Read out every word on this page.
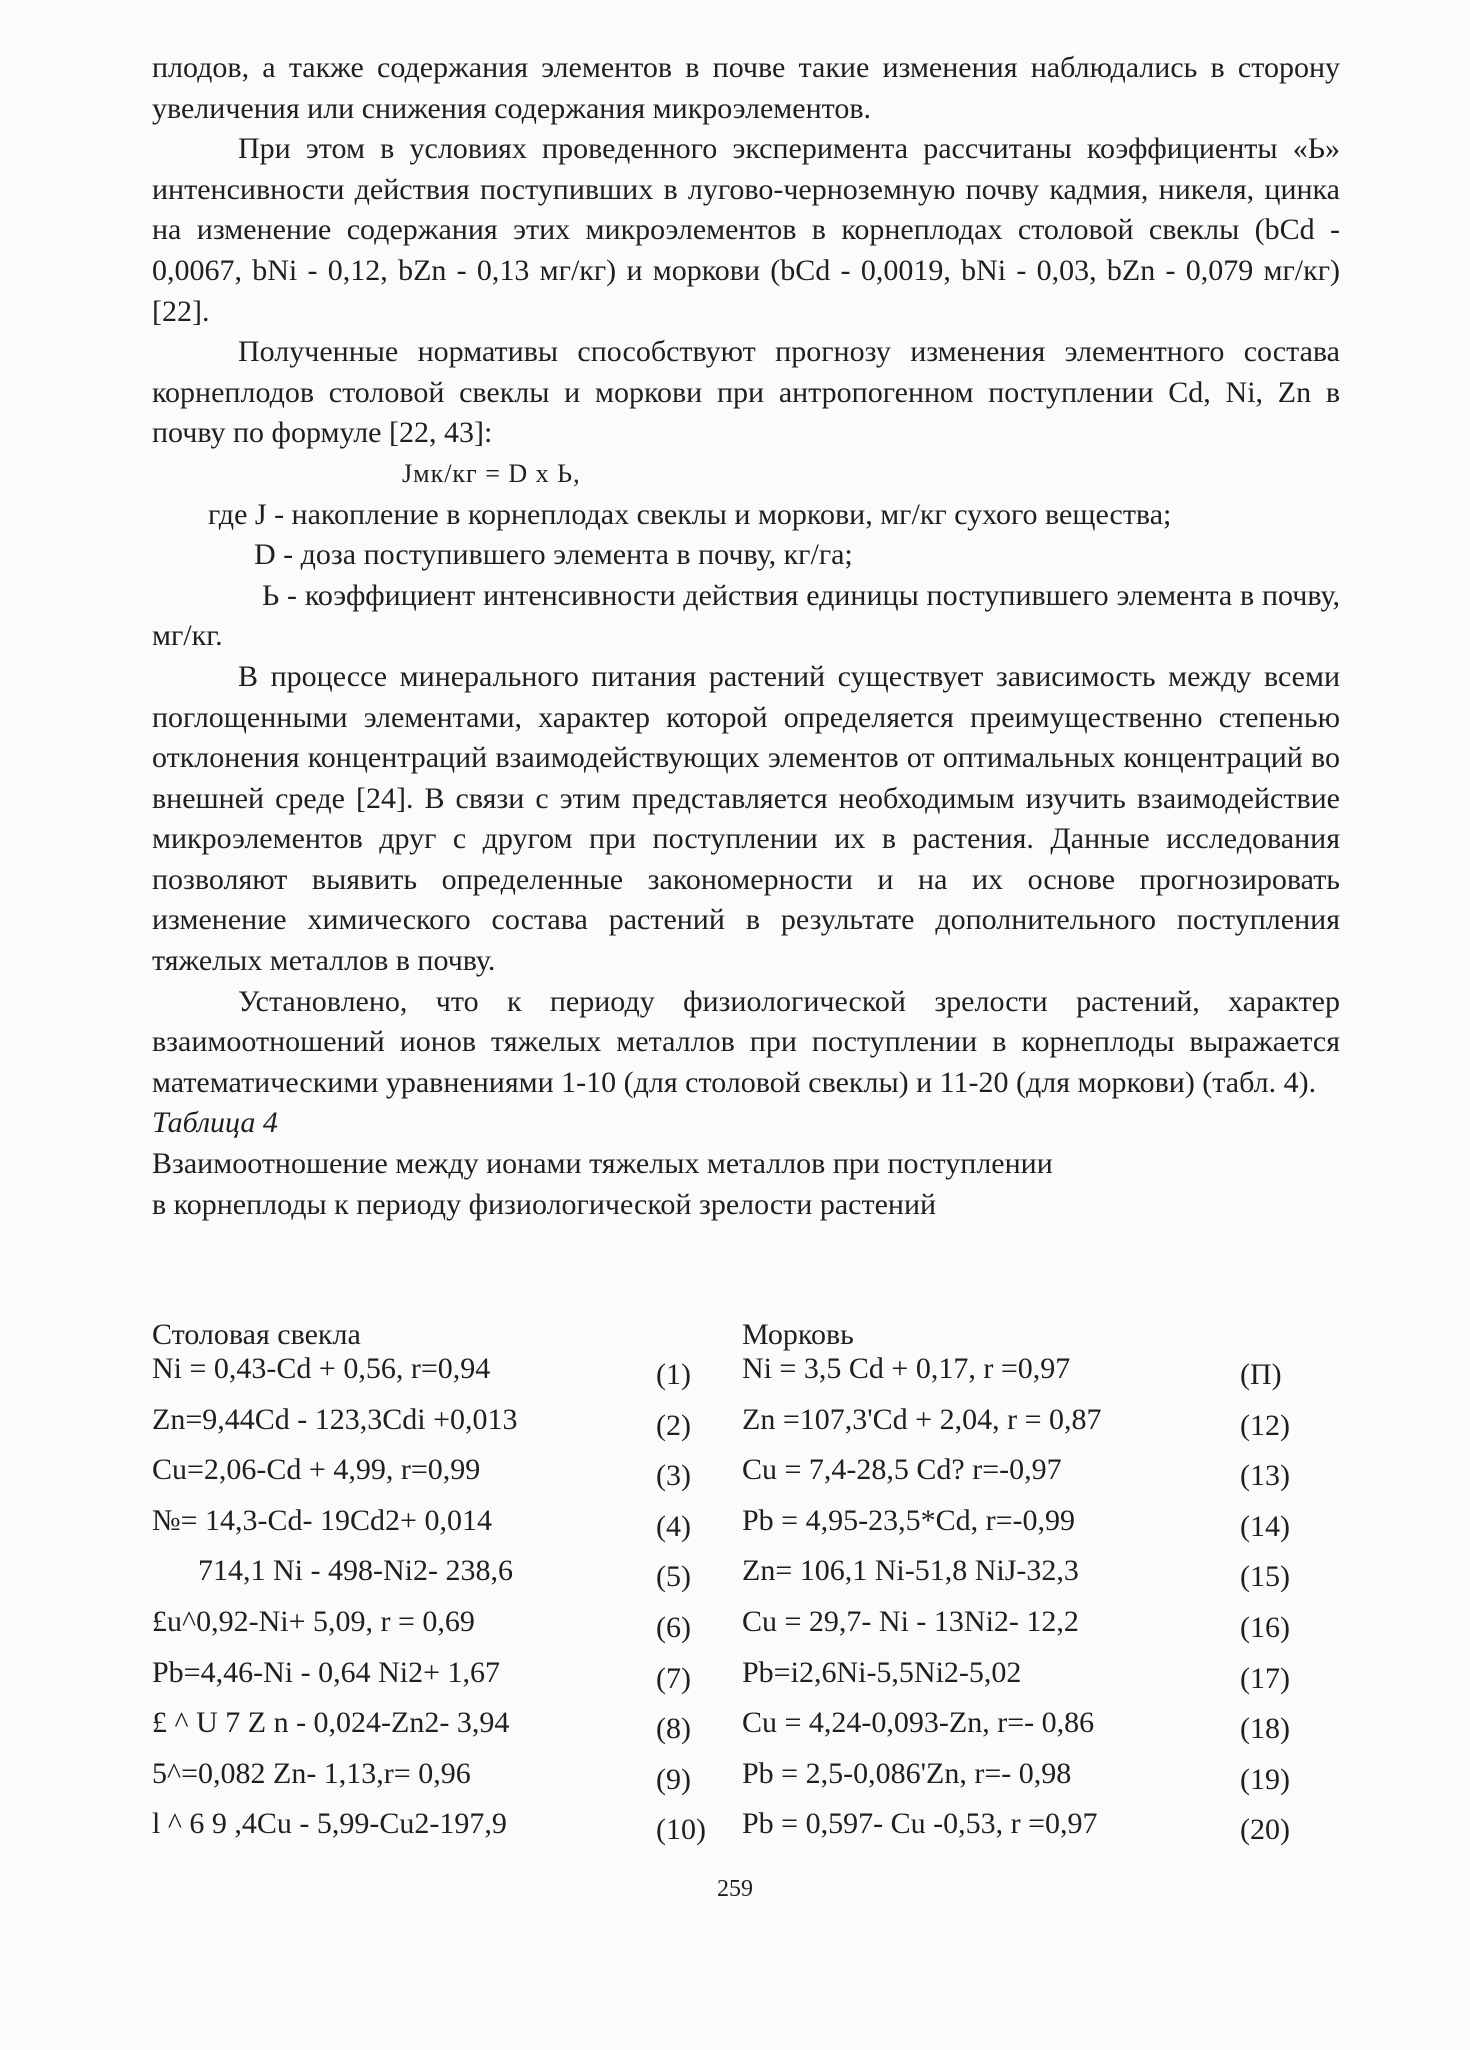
плодов, а также содержания элементов в почве такие изменения наблюдались в сторону увеличения или снижения содержания микроэлементов.

При этом в условиях проведенного эксперимента рассчитаны коэффициенты «Ь» интенсивности действия поступивших в лугово-черноземную почву кадмия, никеля, цинка на изменение содержания этих микроэлементов в корнеплодах столовой свеклы (bCd - 0,0067, bNi - 0,12, bZn - 0,13 мг/кг) и моркови (bCd - 0,0019, bNi - 0,03, bZn - 0,079 мг/кг) [22].

Полученные нормативы способствуют прогнозу изменения элементного состава корнеплодов столовой свеклы и моркови при антропогенном поступлении Cd, Ni, Zn в почву по формуле [22, 43]:

Jмк/кг = D x Ь,

где J - накопление в корнеплодах свеклы и моркови, мг/кг сухого вещества;

D - доза поступившего элемента в почву, кг/га;

Ь - коэффициент интенсивности действия единицы поступившего элемента в почву, мг/кг.

В процессе минерального питания растений существует зависимость между всеми поглощенными элементами, характер которой определяется преимущественно степенью отклонения концентраций взаимодействующих элементов от оптимальных концентраций во внешней среде [24]. В связи с этим представляется необходимым изучить взаимодействие микроэлементов друг с другом при поступлении их в растения. Данные исследования позволяют выявить определенные закономерности и на их основе прогнозировать изменение химического состава растений в результате дополнительного поступления тяжелых металлов в почву.

Установлено, что к периоду физиологической зрелости растений, характер взаимоотношений ионов тяжелых металлов при поступлении в корнеплоды выражается математическими уравнениями 1-10 (для столовой свеклы) и 11-20 (для моркови) (табл. 4).

Таблица 4

Взаимоотношение между ионами тяжелых металлов при поступлении

в корнеплоды к периоду физиологической зрелости растений

Столовая свекла	Морковь
Ni = 0,43-Cd + 0,56, r=0,94	(1) Ni = 3,5 Cd + 0,17, r =0,97	(П)
Zn=9,44Cd - 123,3Cdi +0,013	(2) Zn =107,3'Cd + 2,04, r = 0,87	(12)
Cu=2,06-Cd + 4,99, r=0,99	(3) Cu = 7,4-28,5 Cd? r=-0,97	(13)
№= 14,3-Cd- 19Cd2+ 0,014	(4) Pb = 4,95-23,5*Cd, r=-0,99	(14)
714,1 Ni - 498-Ni2- 238,6	(5) Zn= 106,1 Ni-51,8 NiJ-32,3	(15)
£u^0,92-Ni+ 5,09, r = 0,69	(6) Cu = 29,7- Ni - 13Ni2- 12,2	(16)
Pb=4,46-Ni - 0,64 Ni2+ 1,67	(7) Pb=i2,6Ni-5,5Ni2-5,02	(17)
£ ^ U 7 Z n - 0,024-Zn2- 3,94	(8) Cu = 4,24-0,093-Zn, r=- 0,86	(18)
5^=0,082 Zn- 1,13,r= 0,96	(9) Pb = 2,5-0,086'Zn, r=- 0,98	(19)
l ^ 6 9 ,4Cu - 5,99-Cu2-197,9	(10) Pb = 0,597- Cu -0,53, r =0,97	(20)
259
